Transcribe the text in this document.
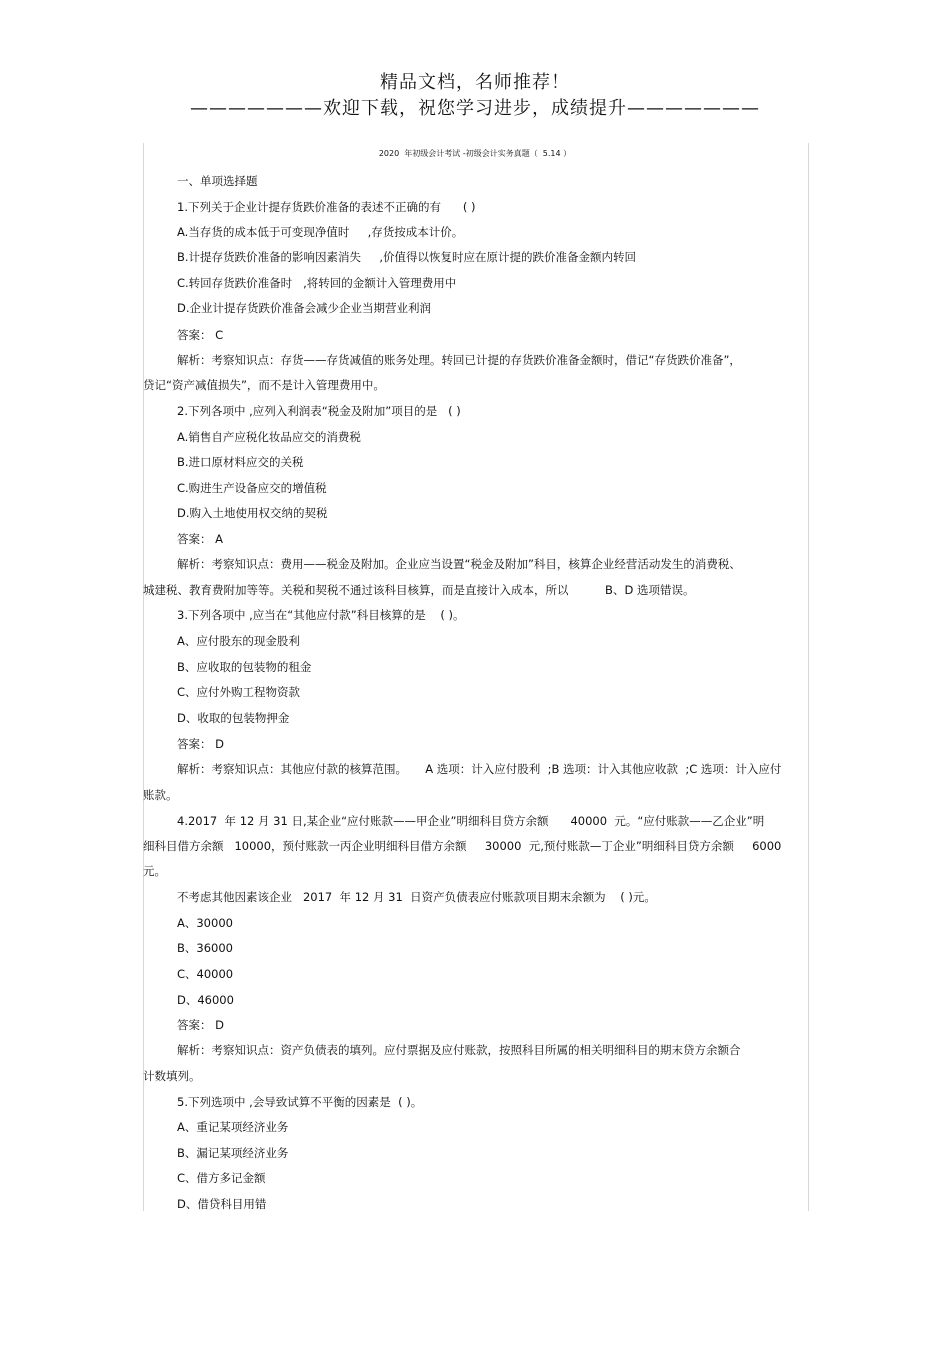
精品文档，名师推荐！
———————欢迎下载，祝您学习进步，成绩提升———————
2020  年初级会计考试 -初级会计实务真题（  5.14 ）
一、单项选择题
1.下列关于企业计提存货跌价准备的表述不正确的有      ( )
A.当存货的成本低于可变现净值时     ,存货按成本计价。
B.计提存货跌价准备的影响因素消失     ,价值得以恢复时应在原计提的跌价准备金额内转回
C.转回存货跌价准备时   ,将转回的金额计入管理费用中
D.企业计提存货跌价准备会减少企业当期营业利润
答案： C
解析：考察知识点：存货——存货减值的账务处理。转回已计提的存货跌价准备金额时，借记“存货跌价准备”，
贷记“资产减值损失”，而不是计入管理费用中。
2.下列各项中 ,应列入利润表“税金及附加”项目的是   ( )
A.销售自产应税化妆品应交的消费税
B.进口原材料应交的关税
C.购进生产设备应交的增值税
D.购入土地使用权交纳的契税
答案： A
解析：考察知识点：费用——税金及附加。企业应当设置“税金及附加”科目，核算企业经营活动发生的消费税、
城建税、教育费附加等等。关税和契税不通过该科目核算，而是直接计入成本，所以          B、D 选项错误。
3.下列各项中 ,应当在“其他应付款”科目核算的是    ( )。
A、应付股东的现金股利
B、应收取的包装物的租金
C、应付外购工程物资款
D、收取的包装物押金
答案： D
解析：考察知识点：其他应付款的核算范围。     A 选项：计入应付股利  ;B 选项：计入其他应收款  ;C 选项：计入应付
账款。
4.2017  年 12 月 31 日,某企业“应付账款——甲企业”明细科目贷方余额      40000  元。“应付账款——乙企业”明
细科目借方余额   10000，预付账款一丙企业明细科目借方余额     30000  元,预付账款—丁企业”明细科目贷方余额     6000
元。
不考虑其他因素该企业   2017  年 12 月 31  日资产负债表应付账款项目期末余额为    ( )元。
A、30000
B、36000
C、40000
D、46000
答案： D
解析：考察知识点：资产负债表的填列。应付票据及应付账款，按照科目所属的相关明细科目的期末贷方余额合
计数填列。
5.下列选项中 ,会导致试算不平衡的因素是  ( )。
A、重记某项经济业务
B、漏记某项经济业务
C、借方多记金额
D、借贷科目用错
